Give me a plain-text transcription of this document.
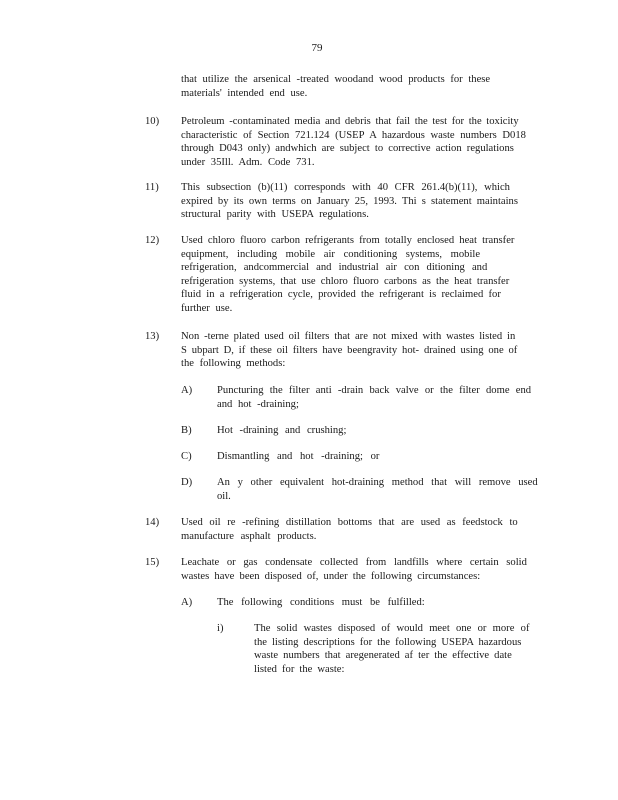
79
that utilize the arsenical -treated woodand wood products for these
materials' intended end use.
10) Petroleum -contaminated media and debris that fail the test for the toxicity
characteristic of Section 721.124 (USEP A hazardous waste numbers D018
through D043 only) andwhich are subject to corrective action regulations
under 35Ill. Adm. Code 731.
11) This subsection (b)(11) corresponds with 40 CFR 261.4(b)(11), which
expired by its own terms on January 25, 1993. Thi s statement maintains
structural parity with USEPA regulations.
12) Used chloro fluoro carbon refrigerants from totally enclosed heat transfer
equipment, including mobile air conditioning systems, mobile
refrigeration, andcommercial and industrial air con ditioning and
refrigeration systems, that use chloro fluoro carbons as the heat transfer
fluid in a refrigeration cycle, provided the refrigerant is reclaimed for
further use.
13) Non -terne plated used oil filters that are not mixed with wastes listed in
S ubpart D, if these oil filters have beengravity hot- drained using one of
the following methods:
A) Puncturing the filter anti -drain back valve or the filter dome end
and hot -draining;
B) Hot -draining and crushing;
C) Dismantling and hot -draining; or
D) An y other equivalent hot-draining method that will remove used
oil.
14) Used oil re -refining distillation bottoms that are used as feedstock to
manufacture asphalt products.
15) Leachate or gas condensate collected from landfills where certain solid
wastes have been disposed of, under the following circumstances:
A) The following conditions must be fulfilled:
i)	The solid wastes disposed of would meet one or more of
the listing descriptions for the following USEPA hazardous
waste numbers that aregenerated af ter the effective date
listed for the waste:
